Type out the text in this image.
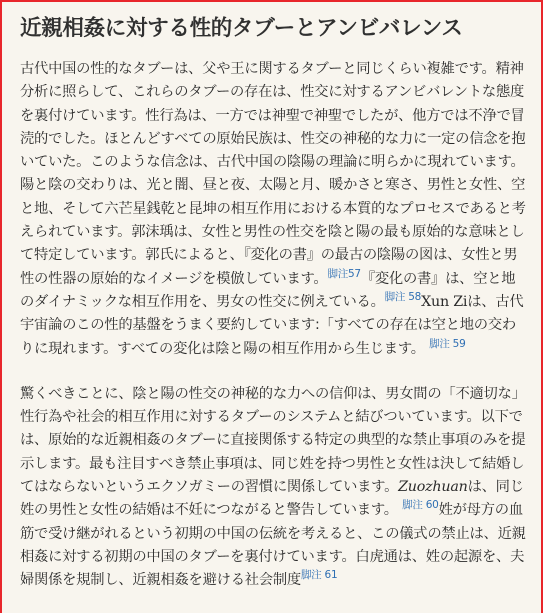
近親相姦に対する性的タブーとアンビバレンス

古代中国の性的なタブーは、父や王に関するタブーと同じくらい複雑です。精神分析に照らして、これらのタブーの存在は、性交に対するアンビバレントな態度を裏付けています。性行為は、一方では神聖で神聖でしたが、他方では不浄で冒涜的でした。ほとんどすべての原始民族は、性交の神秘的な力に一定の信念を抱いていた。このような信念は、古代中国の陰陽の理論に明らかに現れています。陽と陰の交わりは、光と闇、昼と夜、太陽と月、暖かさと寒さ、男性と女性、空と地、そして六芒星銭乾と昆坤の相互作用における本質的なプロセスであると考えられています。郭沫瑀は、女性と男性の性交を陰と陽の最も原始的な意味として特定しています。郭氏によると、『変化の書』の最古の陰陽の図は、女性と男性の性器の原始的なイメージを模倣しています。$^{脚注57}$『変化の書』は、空と地のダイナミックな相互作用を、男女の性交に例えている。$^{脚注 58}$Xun Ziは、古代宇宙論のこの性的基盤をうまく要約しています:「すべての存在は空と地の交わりに現れます。すべての変化は陰と陽の相互作用から生じます。 $^{脚注 59}$

驚くべきことに、陰と陽の性交の神秘的な力への信仰は、男女間の「不適切な」性行為や社会的相互作用に対するタブーのシステムと結びついています。以下では、原始的な近親相姦のタブーに直接関係する特定の典型的な禁止事項のみを提示します。最も注目すべき禁止事項は、同じ姓を持つ男性と女性は決して結婚してはならないというエクソガミーの習慣に関係しています。Zuozhuanは、同じ姓の男性と女性の結婚は不妊につながると警告しています。 $^{脚注 60}$姓が母方の血筋で受け継がれるという初期の中国の伝統を考えると、この儀式の禁止は、近親相姦に対する初期の中国のタブーを裏付けています。白虎通は、姓の起源を、夫婦関係を規制し、近親相姦を避ける社会制度$^{脚注 61}$
